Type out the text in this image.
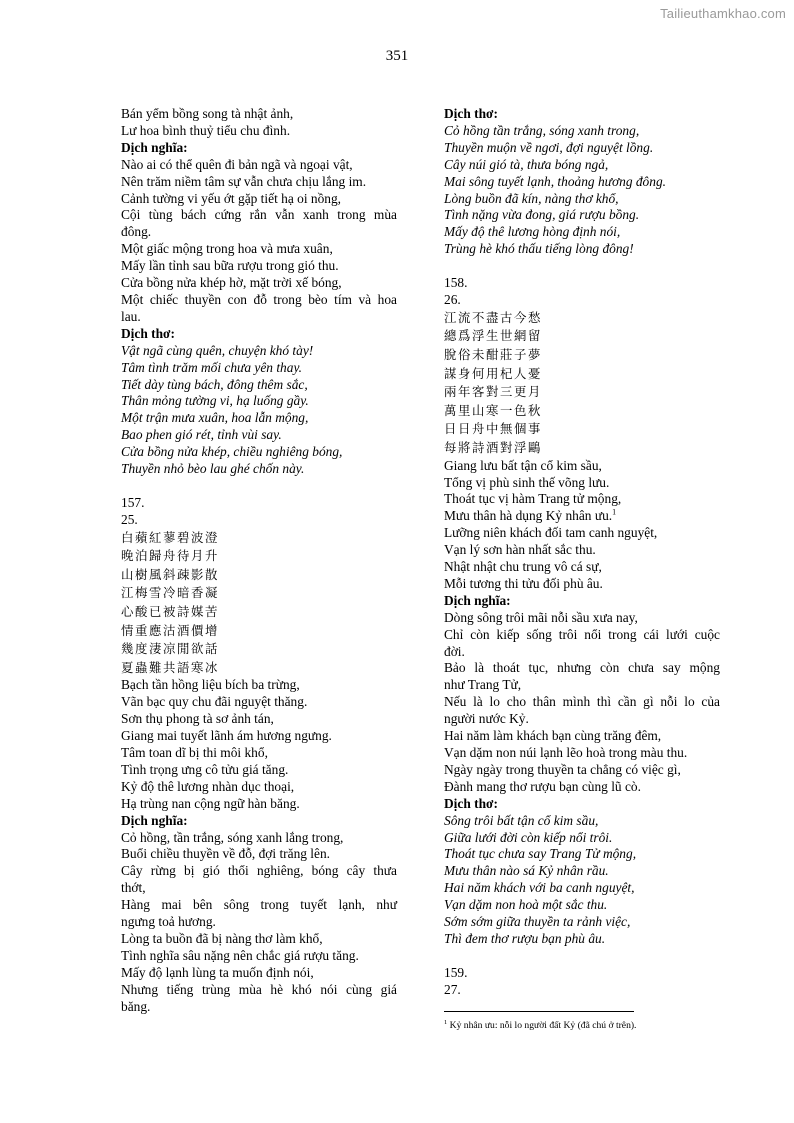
Tailieuthamkhao.com
351
Bán yểm bồng song tà nhật ảnh,
Lư hoa bình thuỷ tiểu chu đình.
Dịch nghĩa:
Nào ai có thể quên đi bản ngã và ngoại vật,
Nên trăm niềm tâm sự vẫn chưa chịu lắng im.
Cảnh tường vi yếu ớt gặp tiết hạ oi nồng,
Cội tùng bách cứng rắn vẫn xanh trong mùa
đông.
Một giấc mộng trong hoa và mưa xuân,
Mấy lần tỉnh sau bữa rượu trong gió thu.
Cửa bồng nửa khép hờ, mặt trời xế bóng,
Một chiếc thuyền con đỗ trong bèo tím và hoa
lau.
Dịch thơ:
Vật ngã cùng quên, chuyện khó tày!
Tâm tình trăm mối chưa yên thay.
Tiết dày tùng bách, đông thêm sắc,
Thân mỏng tường vi, hạ luống gầy.
Một trận mưa xuân, hoa lẫn mộng,
Bao phen gió rét, tỉnh vùi say.
Cửa bồng nửa khép, chiều nghiêng bóng,
Thuyền nhỏ bèo lau ghé chốn này.
157.
25.
白蘋紅蓼碧波澄
晚泊歸舟待月升
山樹風斜疎影散
江梅雪冷暗香凝
心酸已被詩媒苦
情重應沽酒價增
幾度淒凉閒欲話
夏蟲難共語寒冰
Bạch tần hồng liệu bích ba trừng,
Vãn bạc quy chu đãi nguyệt thăng.
Sơn thụ phong tà sơ ảnh tán,
Giang mai tuyết lãnh ám hương ngưng.
Tâm toan dĩ bị thi môi khổ,
Tình trọng ưng cô tửu giá tăng.
Kỷ độ thê lương nhàn dục thoại,
Hạ trùng nan cộng ngữ hàn băng.
Dịch nghĩa:
Cỏ hồng, tần trắng, sóng xanh lắng trong,
Buổi chiều thuyền về đỗ, đợi trăng lên.
Cây rừng bị gió thổi nghiêng, bóng cây thưa
thớt,
Hàng mai bên sông trong tuyết lạnh, như
ngưng toả hương.
Lòng ta buồn đã bị nàng thơ làm khổ,
Tình nghĩa sâu nặng nên chắc giá rượu tăng.
Mấy độ lạnh lùng ta muốn định nói,
Nhưng tiếng trùng mùa hè khó nói cùng giá
băng.
Dịch thơ:
Cỏ hồng tần trắng, sóng xanh trong,
Thuyền muộn về ngơi, đợi nguyệt lồng.
Cây núi gió tà, thưa bóng ngả,
Mai sông tuyết lạnh, thoảng hương đông.
Lòng buồn đã kín, nàng thơ khổ,
Tình nặng vừa đong, giá rượu bồng.
Mấy độ thê lương hòng định nói,
Trùng hè khó thấu tiếng lòng đông!
158.
26.
江流不盡古今愁
總爲浮生世網留
脫俗未酣莊子夢
謀身何用杞人憂
兩年客對三更月
萬里山寒一色秋
日日舟中無個事
每將詩酒對浮鷗
Giang lưu bất tận cổ kim sầu,
Tổng vị phù sinh thế võng lưu.
Thoát tục vị hàm Trang tử mộng,
Mưu thân hà dụng Kỷ nhân ưu.$^1$
Lưỡng niên khách đối tam canh nguyệt,
Vạn lý sơn hàn nhất sắc thu.
Nhật nhật chu trung vô cá sự,
Mỗi tương thi tửu đối phù âu.
Dịch nghĩa:
Dòng sông trôi mãi nỗi sầu xưa nay,
Chỉ còn kiếp sống trôi nổi trong cái lưới cuộc
đời.
Bảo là thoát tục, nhưng còn chưa say mộng
như Trang Tử,
Nếu là lo cho thân mình thì cần gì nỗi lo của
người nước Kỷ.
Hai năm làm khách bạn cùng trăng đêm,
Vạn dặm non núi lạnh lẽo hoà trong màu thu.
Ngày ngày trong thuyền ta chẳng có việc gì,
Đành mang thơ rượu bạn cùng lũ cò.
Dịch thơ:
Sông trôi bất tận cổ kim sầu,
Giữa lưới đời còn kiếp nổi trôi.
Thoát tục chưa say Trang Tử mộng,
Mưu thân nào sá Kỷ nhân rầu.
Hai năm khách với ba canh nguyệt,
Vạn dặm non hoà một sắc thu.
Sớm sớm giữa thuyền ta rảnh việc,
Thì đem thơ rượu bạn phù âu.
159.
27.
$^1$ Kỷ nhân ưu: nỗi lo người đất Kỷ (đã chú ở trên).
